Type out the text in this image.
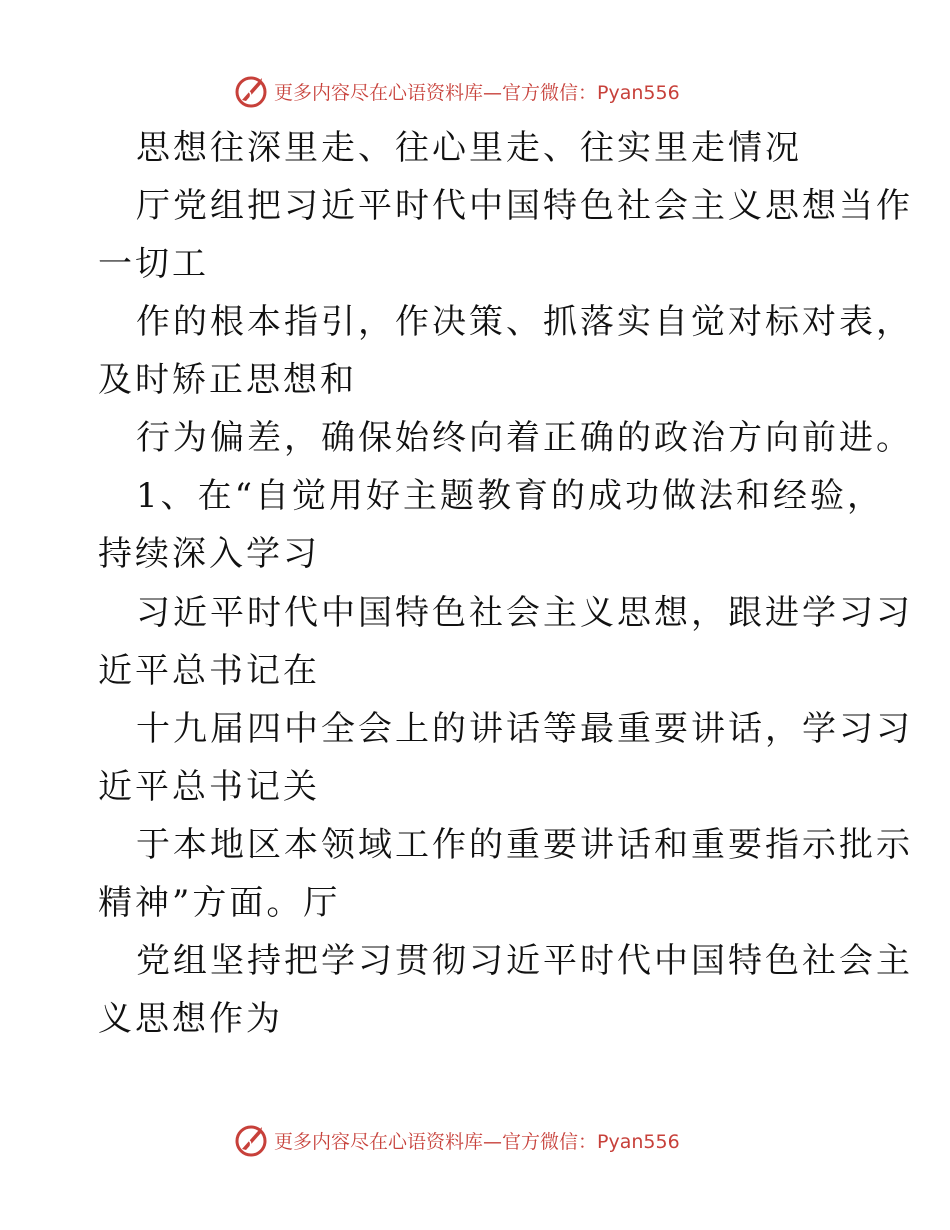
更多内容尽在心语资料库—官方微信：Pyan556
思想往深里走、往心里走、往实里走情况
厅党组把习近平时代中国特色社会主义思想当作
一切工
作的根本指引，作决策、抓落实自觉对标对表，
及时矫正思想和
行为偏差，确保始终向着正确的政治方向前进。
1、在“自觉用好主题教育的成功做法和经验，
持续深入学习
习近平时代中国特色社会主义思想，跟进学习习
近平总书记在
十九届四中全会上的讲话等最重要讲话，学习习
近平总书记关
于本地区本领域工作的重要讲话和重要指示批示
精神”方面。厅
党组坚持把学习贯彻习近平时代中国特色社会主
义思想作为
更多内容尽在心语资料库—官方微信：Pyan556
